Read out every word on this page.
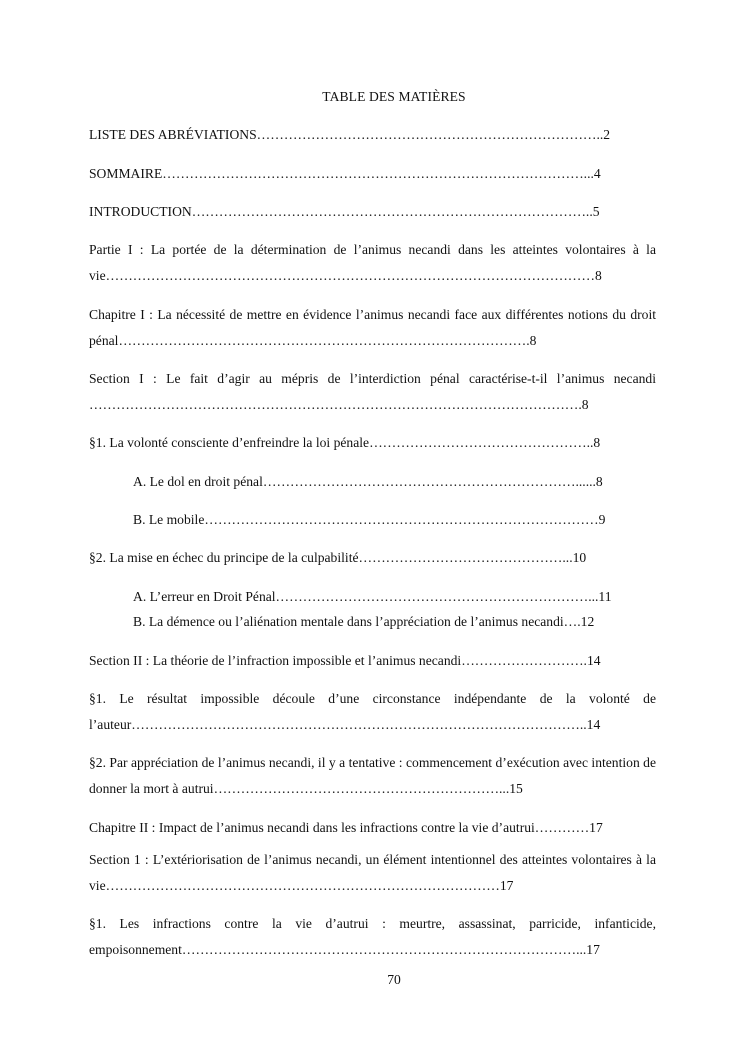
TABLE DES MATIÈRES
LISTE DES ABRÉVIATIONS…………………………………………………………………..2
SOMMAIRE…………………………………………………………………………………...4
INTRODUCTION……………………………………………………………………………..5
Partie I : La portée de la détermination de l’animus necandi dans les atteintes volontaires à la vie………………………………………………………………………………………………8
Chapitre I : La nécessité de mettre en évidence l’animus necandi face aux différentes notions du droit pénal……………………………………………………………………………….8
Section I : Le fait d’agir au mépris de l’interdiction pénal caractérise-t-il l’animus necandi ……………………………………………………………………………………………….8
§1. La volonté consciente d’enfreindre la loi pénale…………………………………………..8
A. Le dol en droit pénal……………………………………………………………......8
B. Le mobile……………………………………………………………………………9
§2. La mise en échec du principe de la culpabilité………………………………………...10
A. L’erreur en Droit Pénal……………………………………………………………...11
B. La démence ou l’aliénation mentale dans l’appréciation de l’animus necandi….12
Section II : La théorie de l’infraction impossible et l’animus necandi……………………….14
§1. Le résultat impossible découle d’une circonstance indépendante de la volonté de l’auteur………………………………………………………………………………………..14
§2. Par appréciation de l’animus necandi, il y a tentative : commencement d’exécution avec intention de donner la mort à autrui………………………………………………………...15
Chapitre II : Impact de l’animus necandi dans les infractions contre la vie d’autrui…………17
Section 1 : L’extériorisation de l’animus necandi, un élément intentionnel des atteintes volontaires à la vie……………………………………………………………………………17
§1. Les infractions contre la vie d’autrui : meurtre, assassinat, parricide, infanticide, empoisonnement……………………………………………………………………………...17
70
